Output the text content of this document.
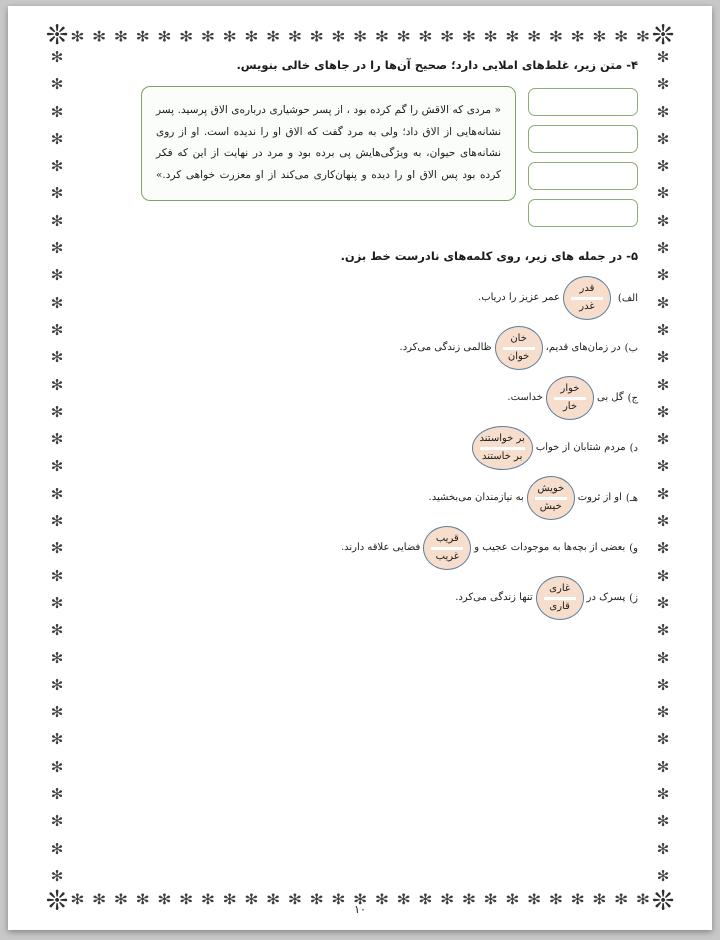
✻
✻
✻
✻
✻
✻
✻
✻
✻
✻
✻
✻
✻
✻
✻
✻
✻
✻
✻
✻
✻
✻
✻
✻
✻
✻
✻
✻
✻
✻
✻
✻
✻
✻
✻
✻
✻
✻
✻
✻
✻
✻
✻
✻
✻
✻
✻
✻
✻
✻
✻
✻
✻
✻
✻
✻
✻
✻
✻
✻
✻
✻
✻
✻
✻
✻
✻
✻
✻
✻
✻
✻
✻
✻
✻
✻
✻
✻
✻
✻
✻
✻
✻
✻
✻
✻
✻
✻
✻
✻
✻
✻
✻
✻
✻
✻
✻
✻
✻
✻
✻
✻
✻
✻
✻
✻
✻
✻
✻
✻
✻
✻
✻
✻
✻
✻
❊	❊
❊	❊
۴- متن زیر، غلط‌های املایی دارد؛ صحیح آن‌ها را در جاهای خالی بنویس.

« مردی که الاقش را گم کرده بود ، از پسر حوشیاری درباره‌ی الاق پرسید. پسر نشانه‌هایی از الاق داد؛ ولی به مرد گفت که الاق او را ندیده است. او از روی نشانه‌های حیوان، به ویژگی‌هایش پی برده بود و مرد در نهایت از این که فکر کرده بود پس الاق او را دیده و پنهان‌کاری می‌کند از او معزرت خواهی کرد.»

۵- در جمله های زیر، روی کلمه‌های نادرست خط بزن.
الف)
قدر
غدر
عمر عزیز را دریاب.
ب)
در زمان‌های قدیم،
خان
خوان
ظالمی زندگی می‌کرد.
ج)
گل بی
خوار
خار
خداست.
د)
مردم شتابان از خواب
بر خواستند
بر خاستند
هـ)
او از ثروت
خویش
خیش
به نیازمندان می‌بخشید.
و)
بعضی از بچه‌ها به موجودات عجیب و
قریب
غریب
فضایی علاقه دارند.
ز)
پسرک در
غاری
قاری
تنها زندگی می‌کرد.
۱۰
